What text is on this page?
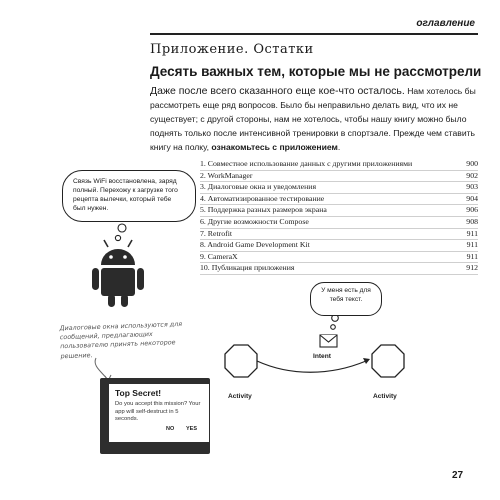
оглавление
Приложение. Остатки
Десять важных тем, которые мы не рассмотрели
Даже после всего сказанного еще кое-что осталось. Нам хотелось бы рассмотреть еще ряд вопросов. Было бы неправильно делать вид, что их не существует; с другой стороны, нам не хотелось, чтобы нашу книгу можно было поднять только после интенсивной тренировки в спортзале. Прежде чем ставить книгу на полку, ознакомьтесь с приложением.
1. Совместное использование данных с другими приложениями	900
2. WorkManager	902
3. Диалоговые окна и уведомления	903
4. Автоматизированное тестирование	904
5. Поддержка разных размеров экрана	906
6. Другие возможности Compose	908
7. Retrofit	911
8. Android Game Development Kit	911
9. CameraX	911
10. Публикация приложения	912
Связь WiFi восстановлена, заряд полный. Перехожу к загрузке того рецепта вылечки, который тебе был нужен.
Диалоговые окна используются для сообщений, предлагающих пользователю принять некоторое решение.
Top Secret!
Do you accept this mission? Your app will self-destruct in 5 seconds.
NO YES
У меня есть для тебя текст.
Intent
Activity	Activity
27
